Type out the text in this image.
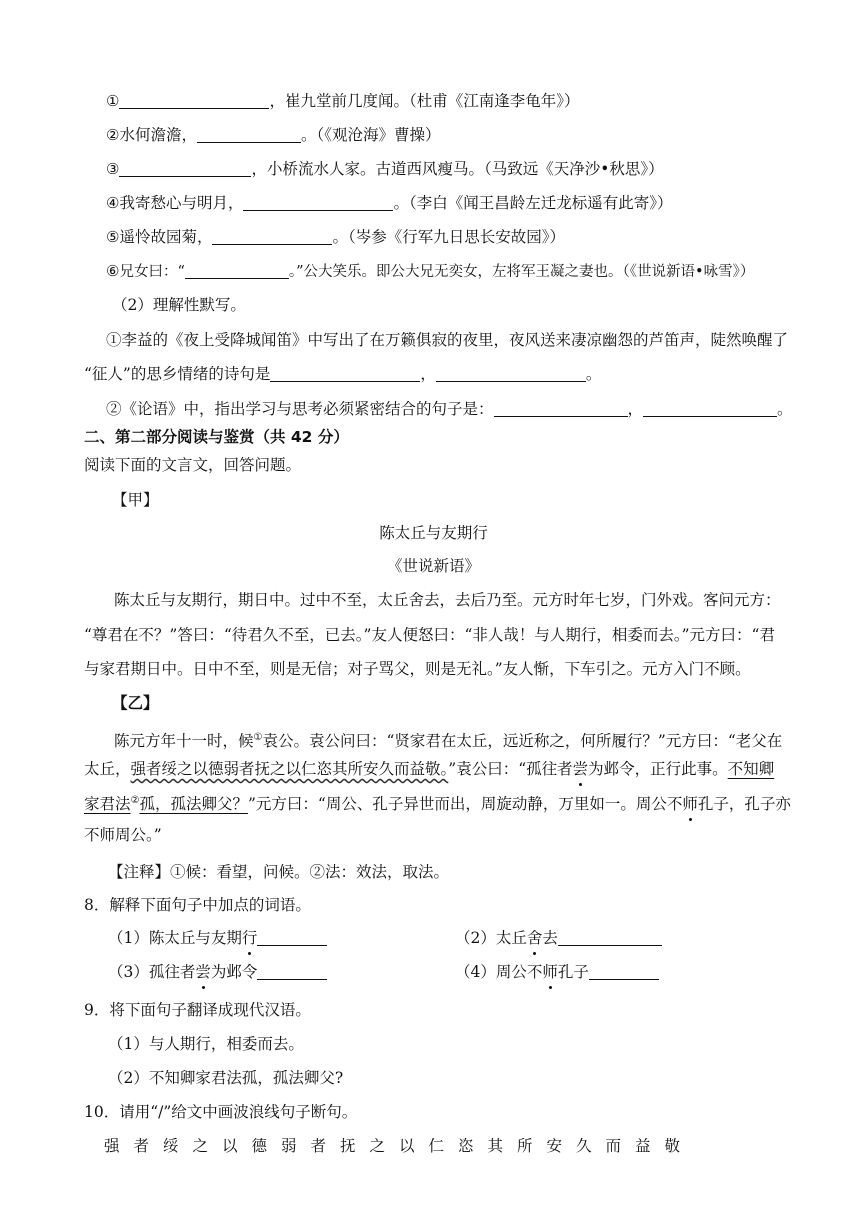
①	，崔九堂前几度闻。（杜甫《江南逢李龟年》）
②水何澹澹，	。（《观沧海》曹操）
③	，小桥流水人家。古道西风瘦马。（马致远《天净沙•秋思》）
④我寄愁心与明月，	。（李白《闻王昌龄左迁龙标遥有此寄》）
⑤遥怜故园菊，	。（岑参《行军九日思长安故园》）
⑥兄女曰：“	。”公大笑乐。即公大兄无奕女，左将军王凝之妻也。（《世说新语•咏雪》）
（2）理解性默写。
①李益的《夜上受降城闻笛》中写出了在万籁俱寂的夜里，夜风送来凄凉幽怨的芦笛声，陡然唤醒了
“征人”的思乡情绪的诗句是	，	。
②《论语》中，指出学习与思考必须紧密结合的句子是：	，	。
二、第二部分阅读与鉴赏（共 42 分）
阅读下面的文言文，回答问题。
【甲】
陈太丘与友期行
《世说新语》
陈太丘与友期行，期日中。过中不至，太丘舍去，去后乃至。元方时年七岁，门外戏。客问元方：
“尊君在不？”答曰：“待君久不至，已去。”友人便怒曰：“非人哉！与人期行，相委而去。”元方曰：“君
与家君期日中。日中不至，则是无信；对子骂父，则是无礼。”友人惭，下车引之。元方入门不顾。
【乙】
陈元方年十一时，候①袁公。袁公问曰：“贤家君在太丘，远近称之，何所履行？”元方曰：“老父在
太丘，强者绥之以德弱者抚之以仁恣其所安久而益敬。”袁公曰：“孤往者尝为邺令，正行此事。不知卿
家君法②孤，孤法卿父？”元方曰：“周公、孔子异世而出，周旋动静，万里如一。周公不师孔子，孔子亦
不师周公。”
【注释】①候：看望，问候。②法：效法，取法。
8．解释下面句子中加点的词语。
（1）陈太丘与友期行	（2）太丘舍去
（3）孤往者尝为邺令	（4）周公不师孔子
9．将下面句子翻译成现代汉语。
（1）与人期行，相委而去。
（2）不知卿家君法孤，孤法卿父?
10．请用“/”给文中画波浪线句子断句。
强者绥之以德弱者抚之以仁恣其所安久而益敬
